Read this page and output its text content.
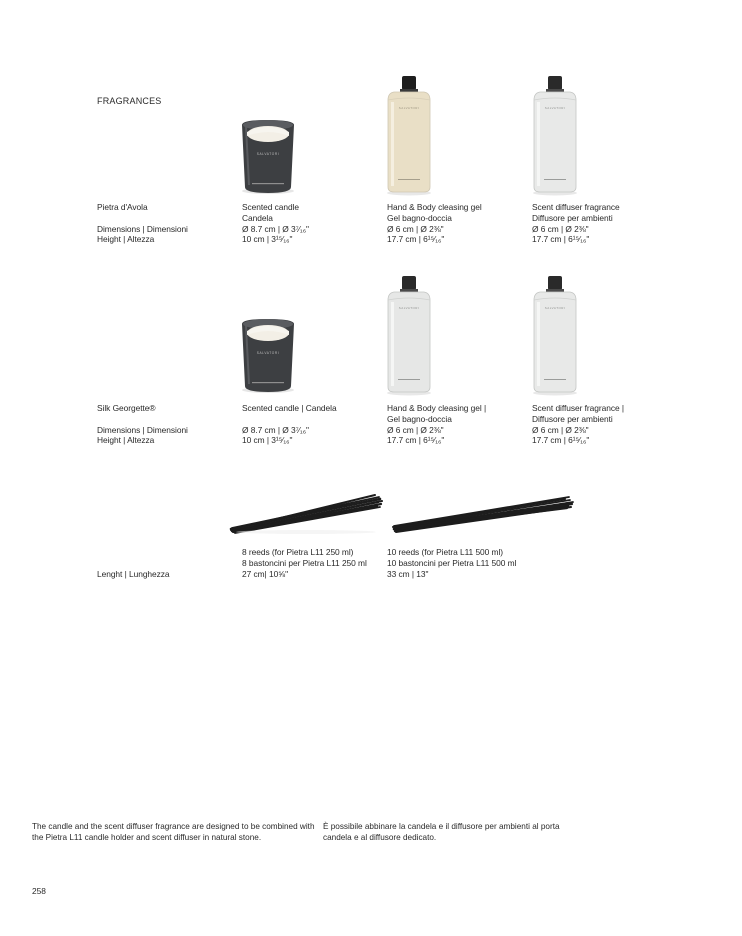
FRAGRANCES
SALVATORI
SALVATORI	SALVATORI
Pietra d'Avola
Dimensions | Dimensioni
Height | Altezza
Scented candle
Candela
Ø 8.7 cm | Ø 3⁷⁄₁₆"
10 cm | 3¹⁵⁄₁₆"
Hand & Body cleasing gel
Gel bagno-doccia
Ø 6 cm | Ø 2⅜"
17.7 cm | 6¹⁵⁄₁₆"
Scent diffuser fragrance
Diffusore per ambienti
Ø 6 cm | Ø 2⅜"
17.7 cm | 6¹⁵⁄₁₆"
SALVATORI
SALVATORI	SALVATORI
Silk Georgette®
Dimensions | Dimensioni
Height | Altezza
Scented candle | Candela
Ø 8.7 cm | Ø 3⁷⁄₁₆"
10 cm | 3¹⁵⁄₁₆"
Hand & Body cleasing gel |
Gel bagno-doccia
Ø 6 cm | Ø 2⅜"
17.7 cm | 6¹⁵⁄₁₆"
Scent diffuser fragrance |
Diffusore per ambienti
Ø 6 cm | Ø 2⅜"
17.7 cm | 6¹⁵⁄₁₆"
Lenght | Lunghezza
8 reeds (for Pietra L11 250 ml)
8 bastoncini per Pietra L11 250 ml
27 cm| 10⅝"
10 reeds (for Pietra L11 500 ml)
10 bastoncini per Pietra L11 500 ml
33 cm | 13"
The candle and the scent diffuser fragrance are designed to be combined with the Pietra L11 candle holder and scent diffuser in natural stone.
È possibile abbinare la candela e il diffusore per ambienti al porta candela e al diffusore dedicato.
258
